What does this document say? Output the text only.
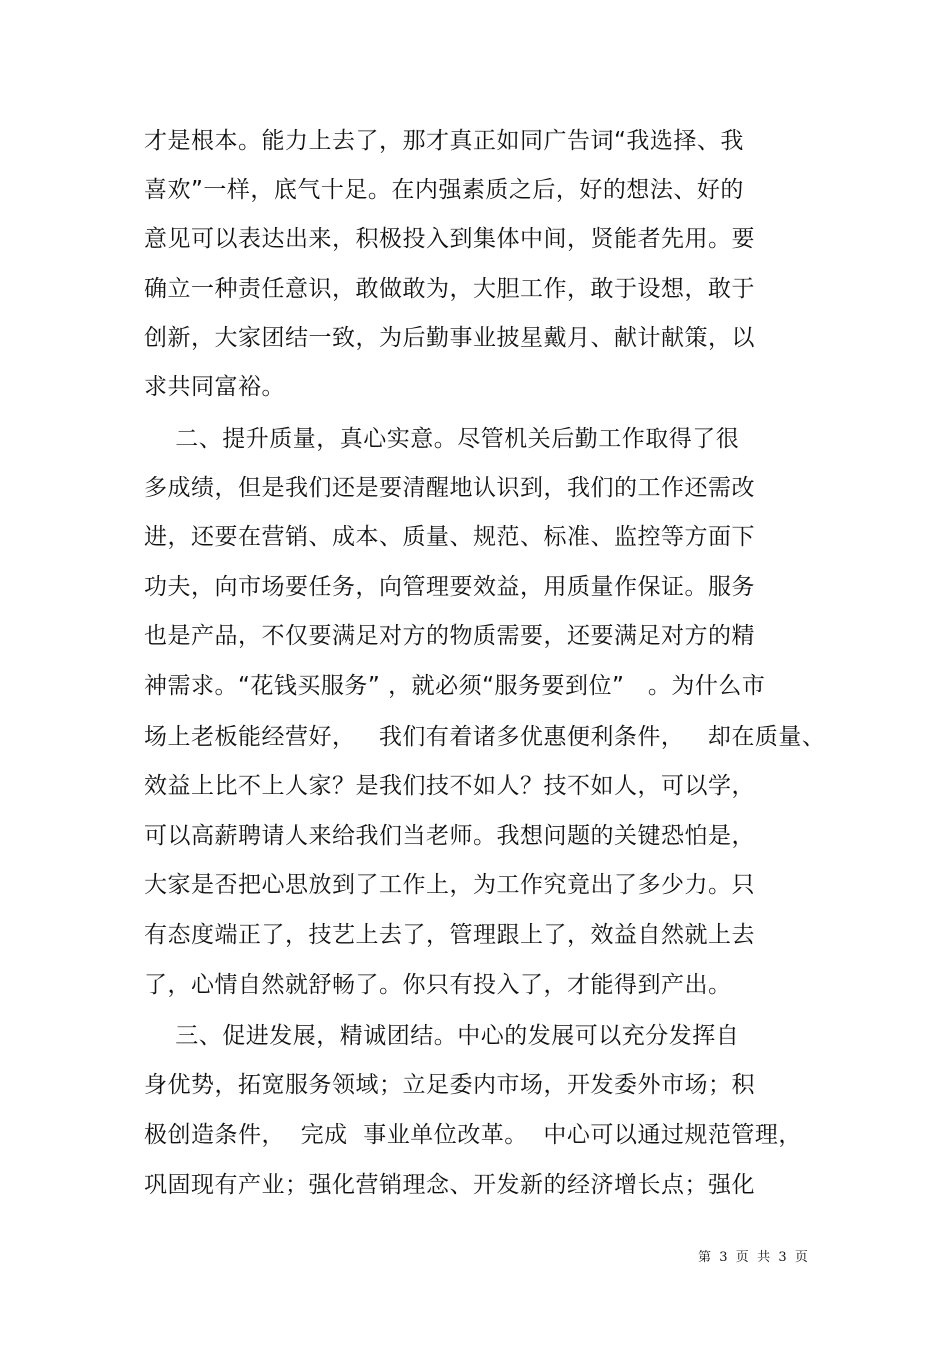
才是根本。能力上去了，那才真正如同广告词“我选择、我
喜欢”一样，底气十足。在内强素质之后，好的想法、好的
意见可以表达出来，积极投入到集体中间，贤能者先用。要
确立一种责任意识，敢做敢为，大胆工作，敢于设想，敢于
创新，大家团结一致，为后勤事业披星戴月、献计献策，以
求共同富裕。
二、提升质量，真心实意。尽管机关后勤工作取得了很
多成绩，但是我们还是要清醒地认识到，我们的工作还需改
进，还要在营销、成本、质量、规范、标准、监控等方面下
功夫，向市场要任务，向管理要效益，用质量作保证。服务
也是产品，不仅要满足对方的物质需要，还要满足对方的精
神需求。“花钱买服务” ，就必须“服务要到位”   。为什么市
场上老板能经营好，   我们有着诸多优惠便利条件，   却在质量、
效益上比不上人家？是我们技不如人？技不如人，可以学，
可以高薪聘请人来给我们当老师。我想问题的关键恐怕是，
大家是否把心思放到了工作上，为工作究竟出了多少力。只
有态度端正了，技艺上去了，管理跟上了，效益自然就上去
了，心情自然就舒畅了。你只有投入了，才能得到产出。
三、促进发展，精诚团结。中心的发展可以充分发挥自
身优势，拓宽服务领域；立足委内市场，开发委外市场；积
极创造条件，  完成  事业单位改革。  中心可以通过规范管理，
巩固现有产业；强化营销理念、开发新的经济增长点；强化
第  3  页  共  3  页
